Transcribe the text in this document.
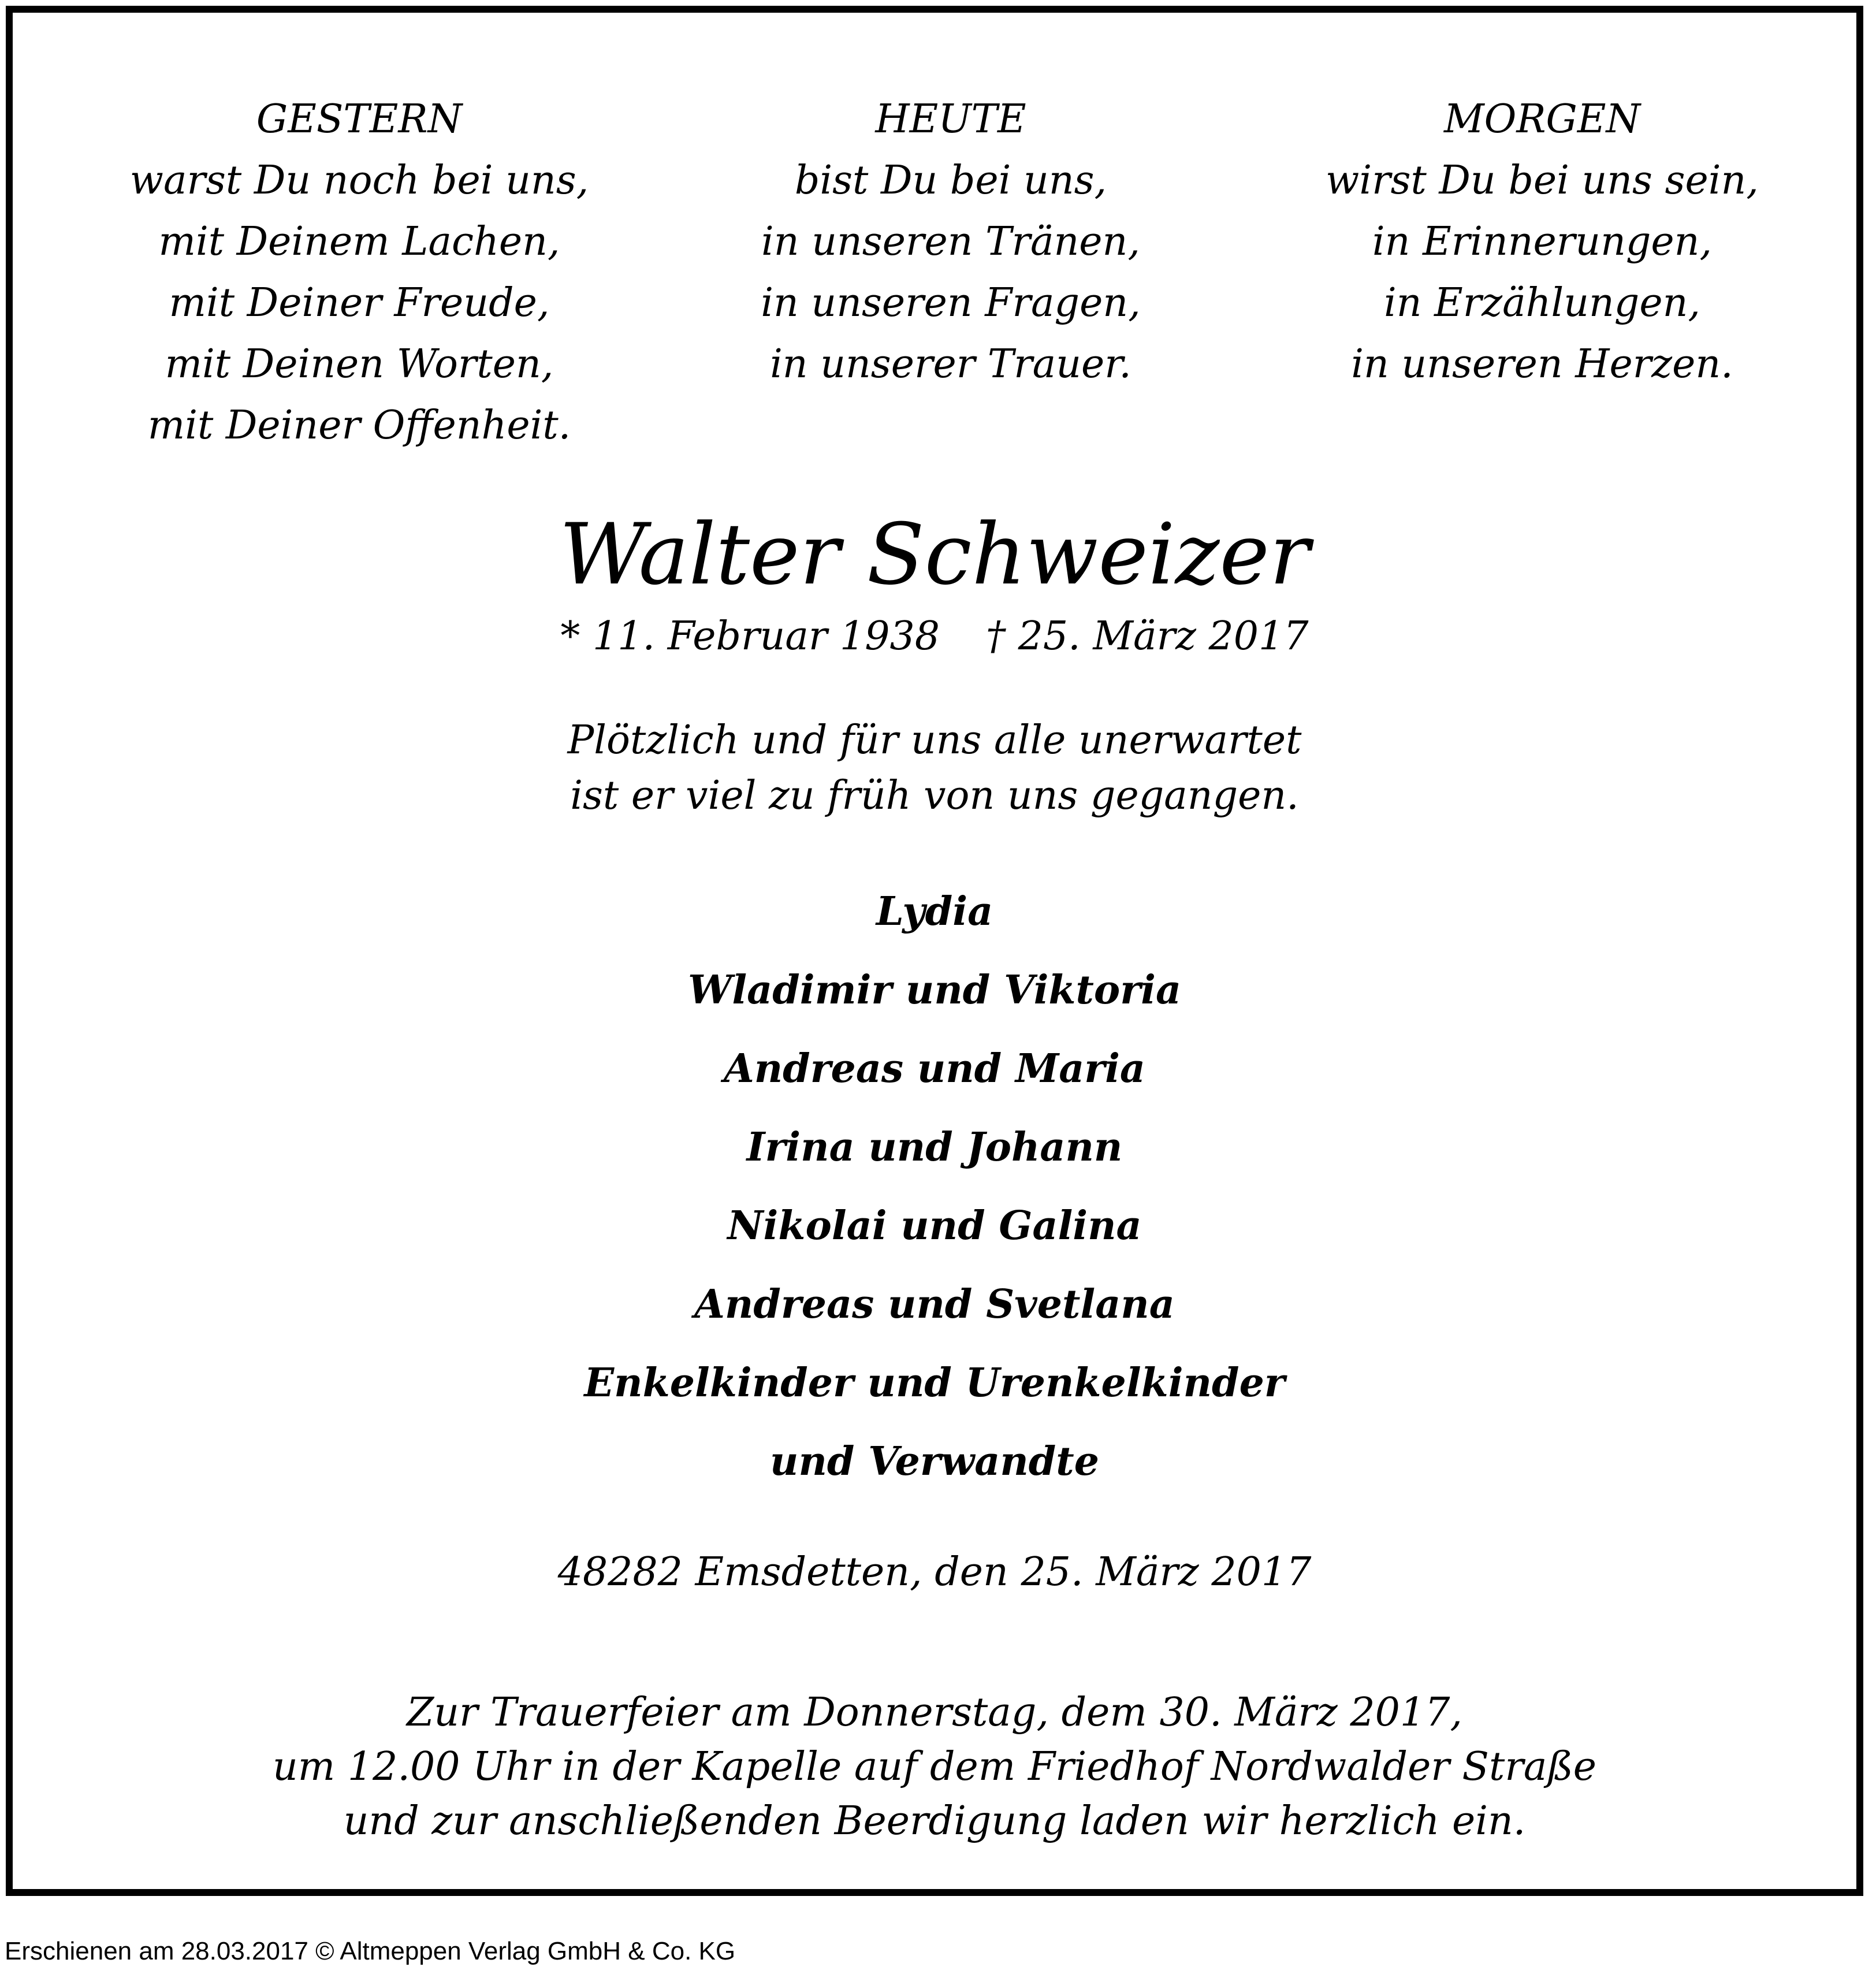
GESTERN
warst Du noch bei uns,
mit Deinem Lachen,
mit Deiner Freude,
mit Deinen Worten,
mit Deiner Offenheit.
HEUTE
bist Du bei uns,
in unseren Tränen,
in unseren Fragen,
in unserer Trauer.
MORGEN
wirst Du bei uns sein,
in Erinnerungen,
in Erzählungen,
in unseren Herzen.
Walter Schweizer
* 11. Februar 1938 † 25. März 2017
Plötzlich und für uns alle unerwartet
ist er viel zu früh von uns gegangen.
Lydia
Wladimir und Viktoria
Andreas und Maria
Irina und Johann
Nikolai und Galina
Andreas und Svetlana
Enkelkinder und Urenkelkinder
und Verwandte
48282 Emsdetten, den 25. März 2017
Zur Trauerfeier am Donnerstag, dem 30. März 2017,
um 12.00 Uhr in der Kapelle auf dem Friedhof Nordwalder Straße
und zur anschließenden Beerdigung laden wir herzlich ein.
Erschienen am 28.03.2017 © Altmeppen Verlag GmbH & Co. KG
